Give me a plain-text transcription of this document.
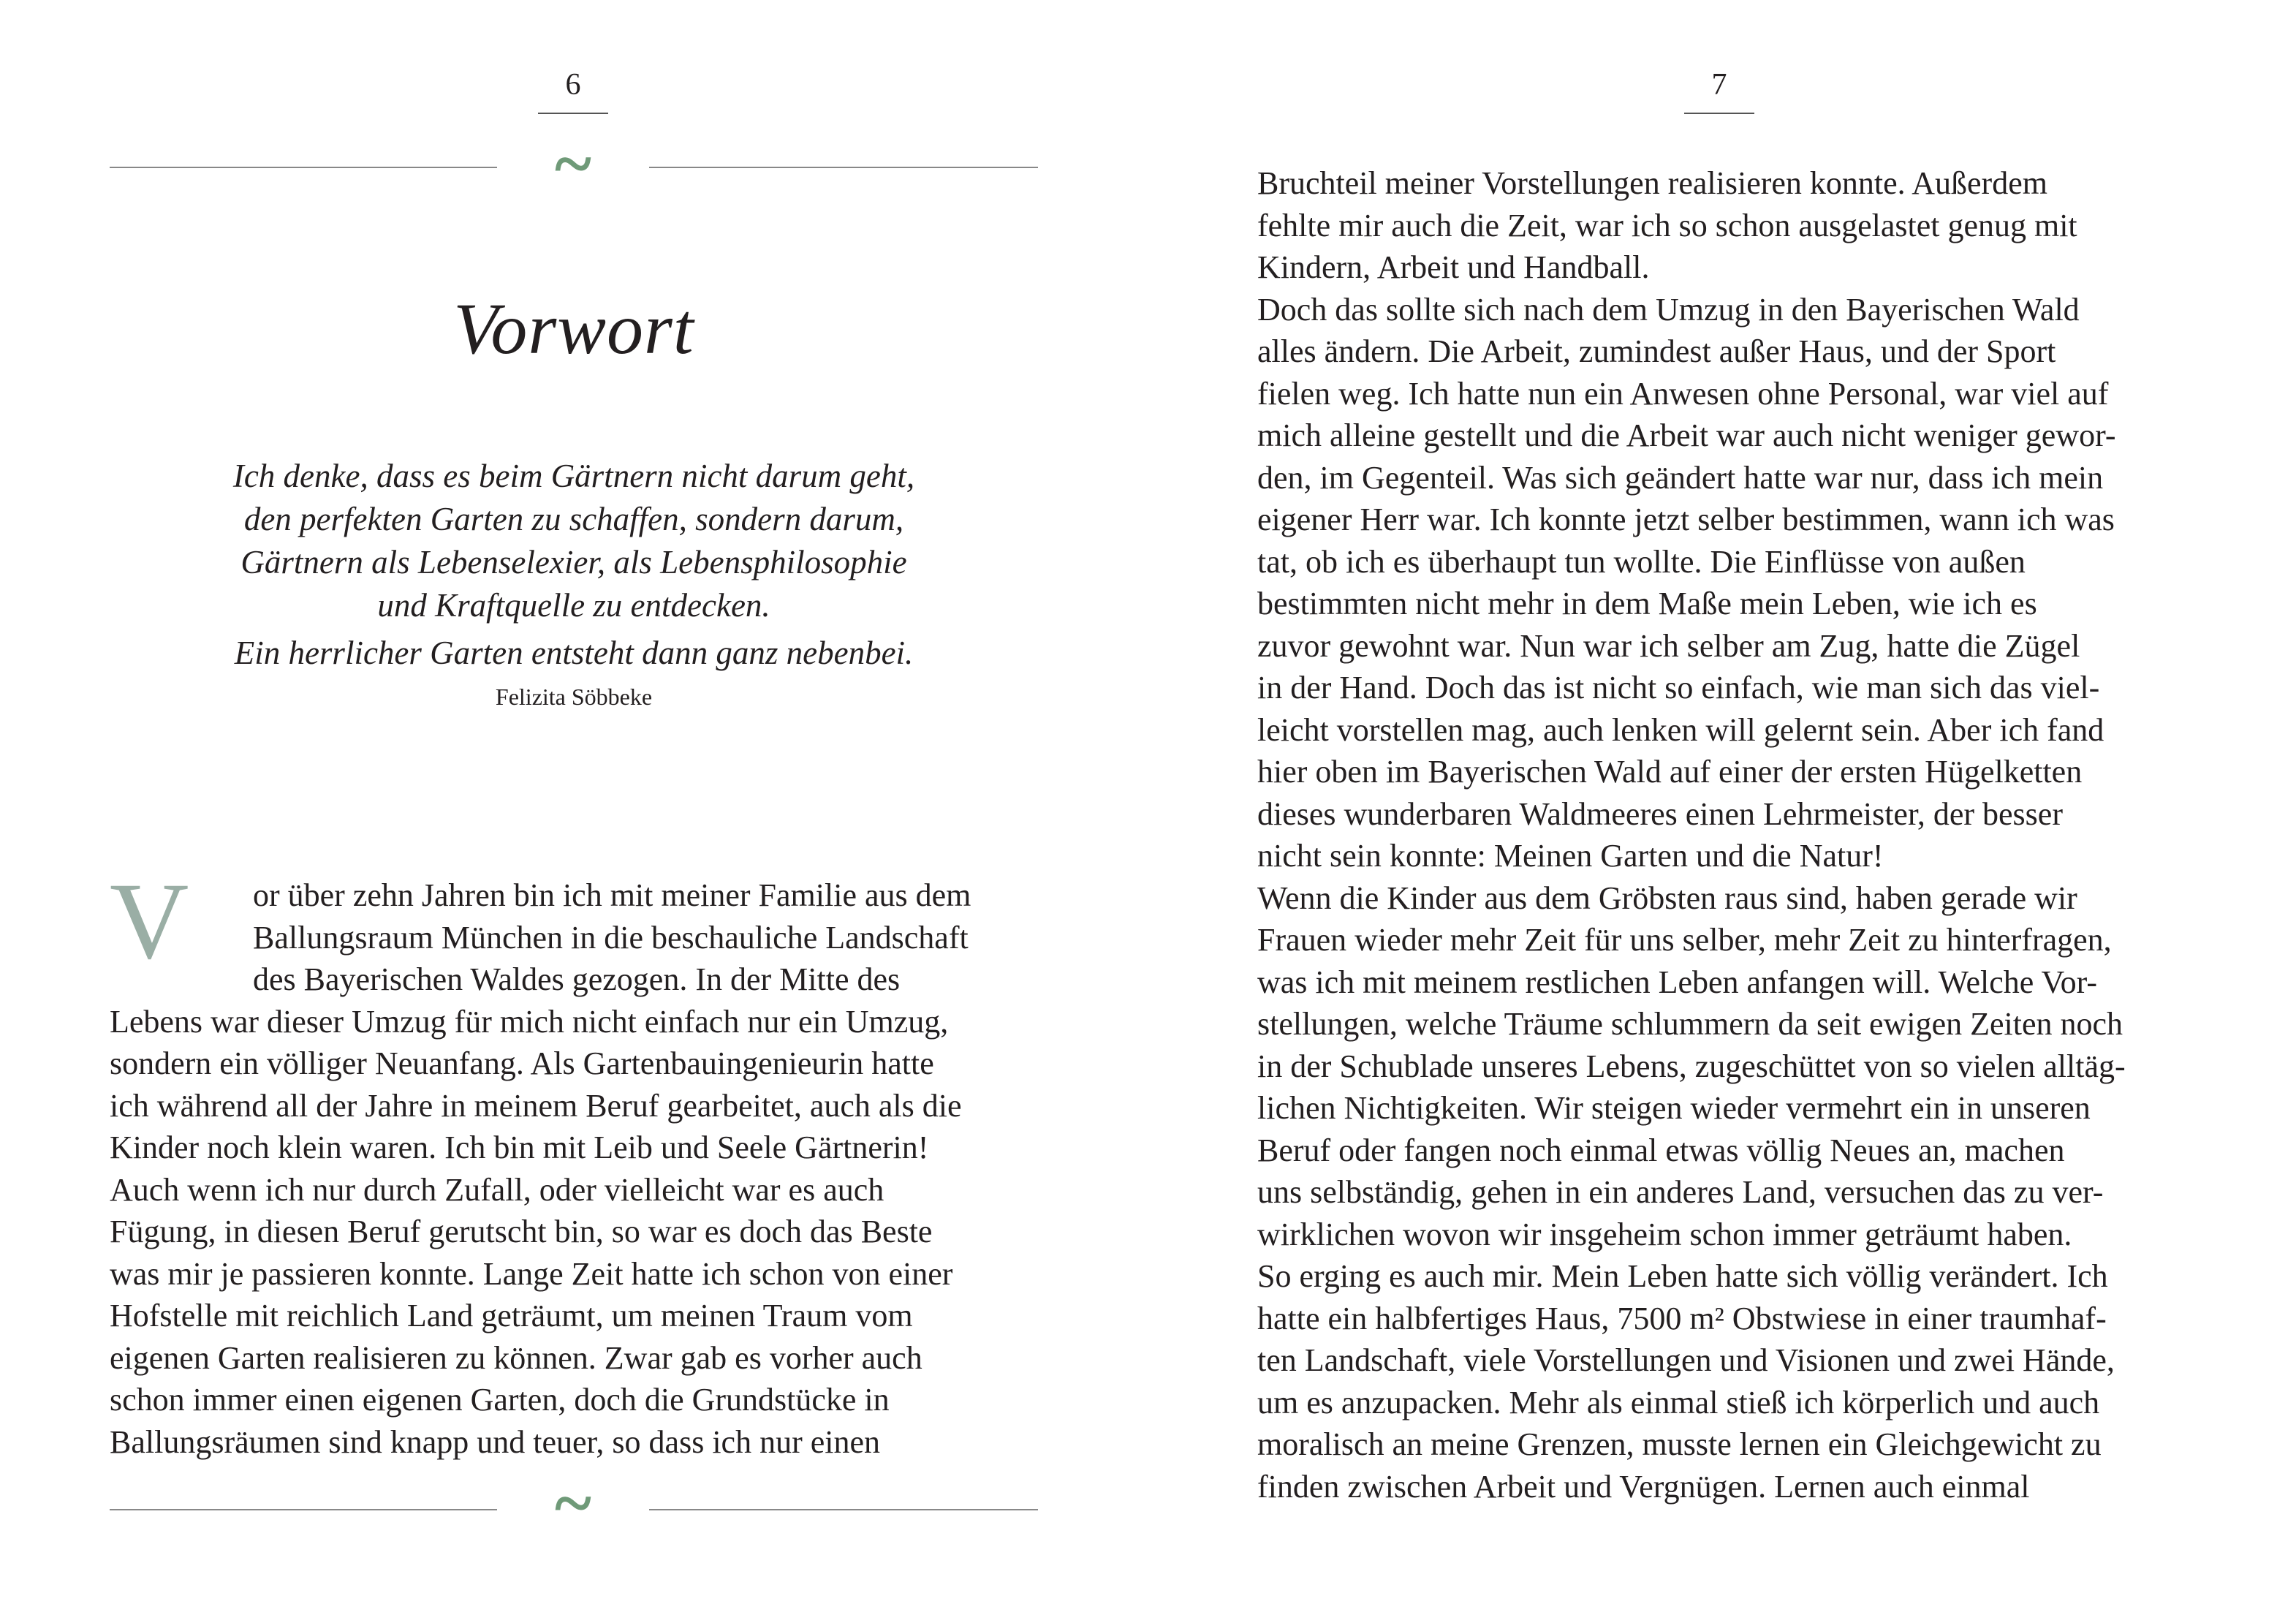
6
~
Vorwort
Ich denke, dass es beim Gärtnern nicht darum geht,
den perfekten Garten zu schaffen, sondern darum,
Gärtnern als Lebenselexier, als Lebensphilosophie
und Kraftquelle zu entdecken.
Ein herrlicher Garten entsteht dann ganz nebenbei.
Felizita Söbbeke
V or über zehn Jahren bin ich mit meiner Familie aus dem
Ballungsraum München in die beschauliche Landschaft
des Bayerischen Waldes gezogen. In der Mitte des
Lebens war dieser Umzug für mich nicht einfach nur ein Umzug,
sondern ein völliger Neuanfang. Als Gartenbauingenieurin hatte
ich während all der Jahre in meinem Beruf gearbeitet, auch als die
Kinder noch klein waren. Ich bin mit Leib und Seele Gärtnerin!
Auch wenn ich nur durch Zufall, oder vielleicht war es auch
Fügung, in diesen Beruf gerutscht bin, so war es doch das Beste
was mir je passieren konnte. Lange Zeit hatte ich schon von einer
Hofstelle mit reichlich Land geträumt, um meinen Traum vom
eigenen Garten realisieren zu können. Zwar gab es vorher auch
schon immer einen eigenen Garten, doch die Grundstücke in
Ballungsräumen sind knapp und teuer, so dass ich nur einen
~
7
Bruchteil meiner Vorstellungen realisieren konnte. Außerdem
fehlte mir auch die Zeit, war ich so schon ausgelastet genug mit
Kindern, Arbeit und Handball.
Doch das sollte sich nach dem Umzug in den Bayerischen Wald
alles ändern. Die Arbeit, zumindest außer Haus, und der Sport
fielen weg. Ich hatte nun ein Anwesen ohne Personal, war viel auf
mich alleine gestellt und die Arbeit war auch nicht weniger gewor-
den, im Gegenteil. Was sich geändert hatte war nur, dass ich mein
eigener Herr war. Ich konnte jetzt selber bestimmen, wann ich was
tat, ob ich es überhaupt tun wollte. Die Einflüsse von außen
bestimmten nicht mehr in dem Maße mein Leben, wie ich es
zuvor gewohnt war. Nun war ich selber am Zug, hatte die Zügel
in der Hand. Doch das ist nicht so einfach, wie man sich das viel-
leicht vorstellen mag, auch lenken will gelernt sein. Aber ich fand
hier oben im Bayerischen Wald auf einer der ersten Hügelketten
dieses wunderbaren Waldmeeres einen Lehrmeister, der besser
nicht sein konnte: Meinen Garten und die Natur!
Wenn die Kinder aus dem Gröbsten raus sind, haben gerade wir
Frauen wieder mehr Zeit für uns selber, mehr Zeit zu hinterfragen,
was ich mit meinem restlichen Leben anfangen will. Welche Vor-
stellungen, welche Träume schlummern da seit ewigen Zeiten noch
in der Schublade unseres Lebens, zugeschüttet von so vielen alltäg-
lichen Nichtigkeiten. Wir steigen wieder vermehrt ein in unseren
Beruf oder fangen noch einmal etwas völlig Neues an, machen
uns selbständig, gehen in ein anderes Land, versuchen das zu ver-
wirklichen wovon wir insgeheim schon immer geträumt haben.
So erging es auch mir. Mein Leben hatte sich völlig verändert. Ich
hatte ein halbfertiges Haus, 7500 m² Obstwiese in einer traumhaf-
ten Landschaft, viele Vorstellungen und Visionen und zwei Hände,
um es anzupacken. Mehr als einmal stieß ich körperlich und auch
moralisch an meine Grenzen, musste lernen ein Gleichgewicht zu
finden zwischen Arbeit und Vergnügen. Lernen auch einmal
